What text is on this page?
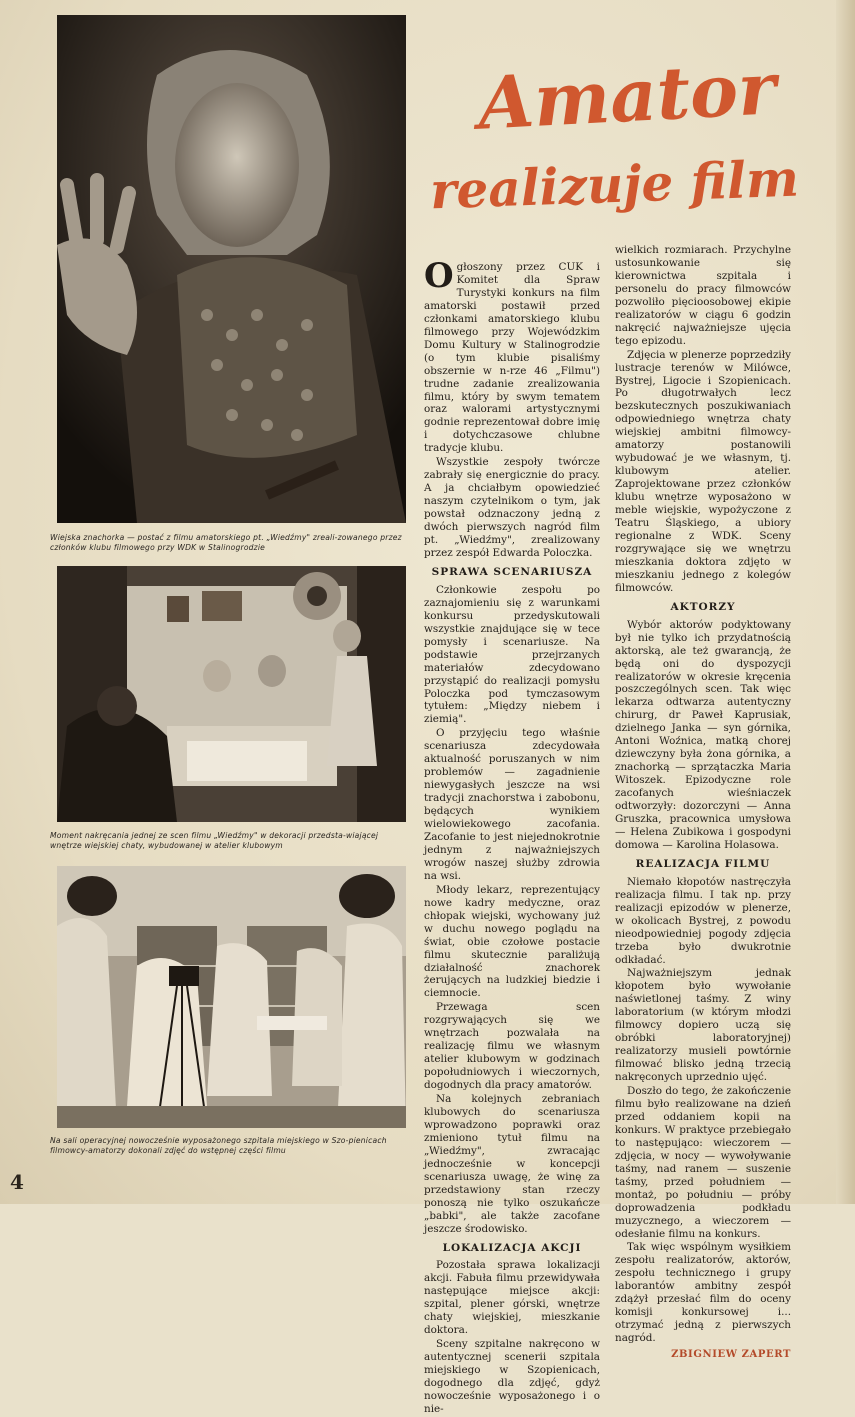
Wiejska znachorka — postać z filmu amatorskiego pt. „Wiedźmy" zreali-zowanego przez członków klubu filmowego przy WDK w Stalinogrodzie
Moment nakręcania jednej ze scen filmu „Wiedźmy" w dekoracji przedsta-wiającej wnętrze wiejskiej chaty, wybudowanej w atelier klubowym
Na sali operacyjnej nowocześnie wyposażonego szpitala miejskiego w Szo-pienicach filmowcy-amatorzy dokonali zdjęć do wstępnej części filmu
Amator
realizuje film

Ogłoszony przez CUK i Komitet dla Spraw Turystyki konkurs na film amatorski postawił przed członkami amatorskiego klubu filmowego przy Wojewódzkim Domu Kultury w Stalinogrodzie (o tym klubie pisaliśmy obszernie w n-rze 46 „Filmu") trudne zadanie zrealizowania filmu, który by swym tematem oraz walorami artystycznymi godnie reprezentował dobre imię i dotychczasowe chlubne tradycje klubu.

Wszystkie zespoły twórcze zabrały się energicznie do pracy. A ja chciałbym opowiedzieć naszym czytelnikom o tym, jak powstał odznaczony jedną z dwóch pierwszych nagród film pt. „Wiedźmy", zrealizowany przez zespół Edwarda Poloczka.

SPRAWA SCENARIUSZA

Członkowie zespołu po zaznajomieniu się z warunkami konkursu przedyskutowali wszystkie znajdujące się w tece pomysły i scenariusze. Na podstawie przejrzanych materiałów zdecydowano przystąpić do realizacji pomysłu Poloczka pod tymczasowym tytułem: „Między niebem i ziemią".

O przyjęciu tego właśnie scenariusza zdecydowała aktualność poruszanych w nim problemów — zagadnienie niewygasłych jeszcze na wsi tradycji znachorstwa i zabobonu, będących wynikiem wielowiekowego zacofania. Zacofanie to jest niejednokrotnie jednym z najważniejszych wrogów naszej służby zdrowia na wsi.

Młody lekarz, reprezentujący nowe kadry medyczne, oraz chłopak wiejski, wychowany już w duchu nowego poglądu na świat, obie czołowe postacie filmu skutecznie paraliżują działalność znachorek żerujących na ludzkiej biedzie i ciemnocie.

Przewaga scen rozgrywających się we wnętrzach pozwalała na realizację filmu we własnym atelier klubowym w godzinach popołudniowych i wieczornych, dogodnych dla pracy amatorów.

Na kolejnych zebraniach klubowych do scenariusza wprowadzono poprawki oraz zmieniono tytuł filmu na „Wiedźmy", zwracając jednocześnie w koncepcji scenariusza uwagę, że winę za przedstawiony stan rzeczy ponoszą nie tylko oszukańcze „babki", ale także zacofane jeszcze środowisko.

LOKALIZACJA AKCJI

Pozostała sprawa lokalizacji akcji. Fabuła filmu przewidywała następujące miejsce akcji: szpital, plener górski, wnętrze chaty wiejskiej, mieszkanie doktora.

Sceny szpitalne nakręcono w autentycznej scenerii szpitala miejskiego w Szopienicach, dogodnego dla zdjęć, gdyż nowocześnie wyposażonego i o nie-

wielkich rozmiarach. Przychylne ustosunkowanie się kierownictwa szpitala i personelu do pracy filmowców pozwoliło pięcioosobowej ekipie realizatorów w ciągu 6 godzin nakręcić najważniejsze ujęcia tego epizodu.

Zdjęcia w plenerze poprzedziły lustracje terenów w Milówce, Bystrej, Ligocie i Szopienicach. Po długotrwałych lecz bezskutecznych poszukiwaniach odpowiedniego wnętrza chaty wiejskiej ambitni filmowcy-amatorzy postanowili wybudować je we własnym, tj. klubowym atelier. Zaprojektowane przez członków klubu wnętrze wyposażono w meble wiejskie, wypożyczone z Teatru Śląskiego, a ubiory regionalne z WDK. Sceny rozgrywające się we wnętrzu mieszkania doktora zdjęto w mieszkaniu jednego z kolegów filmowców.

AKTORZY

Wybór aktorów podyktowany był nie tylko ich przydatnością aktorską, ale też gwarancją, że będą oni do dyspozycji realizatorów w okresie kręcenia poszczególnych scen. Tak więc lekarza odtwarza autentyczny chirurg, dr Paweł Kaprusiak, dzielnego Janka — syn górnika, Antoni Woźnica, matką chorej dziewczyny była żona górnika, a znachorką — sprzątaczka Maria Witoszek. Epizodyczne role zacofanych wieśniaczek odtworzyły: dozorczyni — Anna Gruszka, pracownica umysłowa — Helena Zubikowa i gospodyni domowa — Karolina Holasowa.

REALIZACJA FILMU

Niemało kłopotów nastręczyła realizacja filmu. I tak np. przy realizacji epizodów w plenerze, w okolicach Bystrej, z powodu nieodpowiedniej pogody zdjęcia trzeba było dwukrotnie odkładać.

Najważniejszym jednak kłopotem było wywołanie naświetlonej taśmy. Z winy laboratorium (w którym młodzi filmowcy dopiero uczą się obróbki laboratoryjnej) realizatorzy musieli powtórnie filmować blisko jedną trzecią nakręconych uprzednio ujęć.

Doszło do tego, że zakończenie filmu było realizowane na dzień przed oddaniem kopii na konkurs. W praktyce przebiegało to następująco: wieczorem — zdjęcia, w nocy — wywoływanie taśmy, nad ranem — suszenie taśmy, przed południem — montaż, po południu — próby doprowadzenia podkładu muzycznego, a wieczorem — odesłanie filmu na konkurs.

Tak więc wspólnym wysiłkiem zespołu realizatorów, aktorów, zespołu technicznego i grupy laborantów ambitny zespół zdążył przesłać film do oceny komisji konkursowej i... otrzymać jedną z pierwszych nagród.

ZBIGNIEW ZAPERT
4
